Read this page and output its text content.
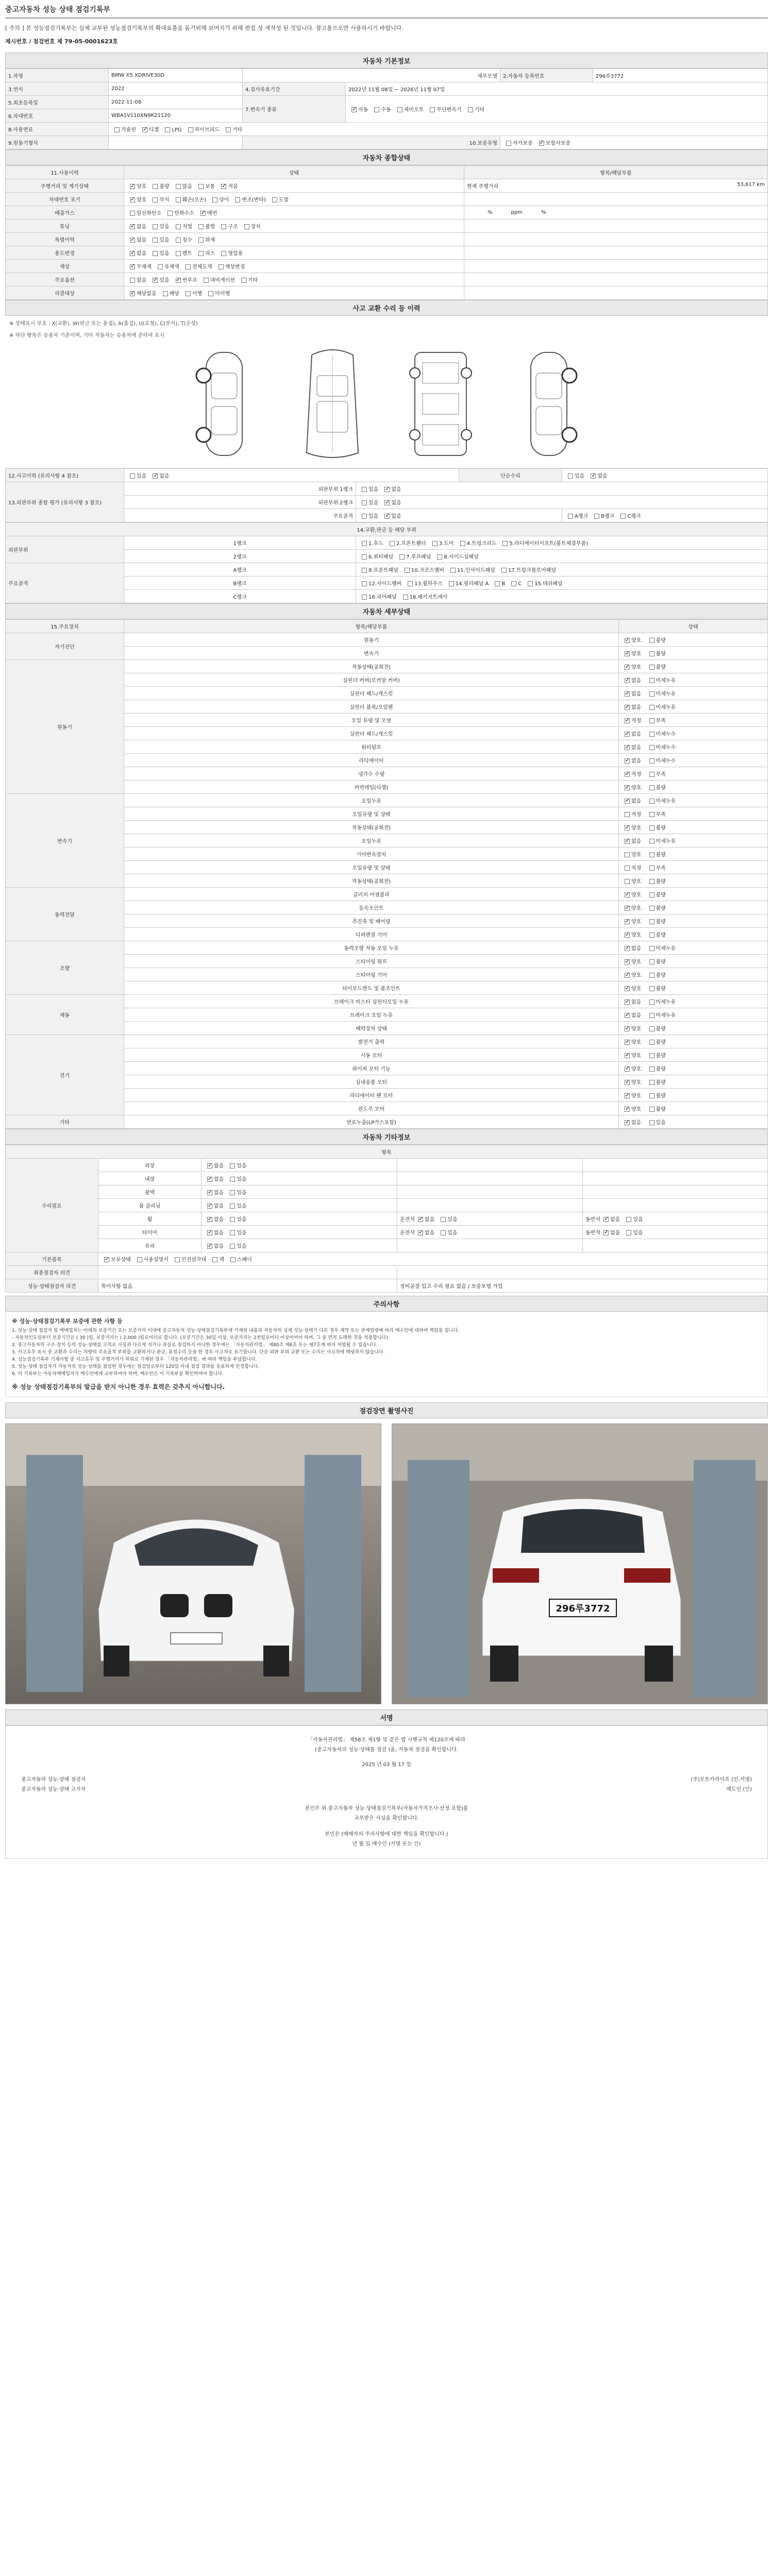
중고자동차 성능 상태 점검기록부
[ 주의 ] 본 성능점검기록부는 실제 교부된 성능점검기록부의 확대표출을 돕기위해 보여지기 위해 편집 상 재작성 된 것입니다. 참고용으로만 사용하시기 바랍니다.
제시번호 / 점검번호 제 79-05-0001623호
자동차 기본정보
1.차명	BMW X5 XDRIVE30D	세부모델		2.자동차 등록번호	296루3772
3.연식	2022	4.검사유효기간	2022년 11월 08일 ~ 2026년 11월 07일		
5.최초등록일	2022-11-08	7.변속기 종류	✓자동 수동 세미오토 무단변속기 기타
6.차대번호	WBA1V110XN9K21120				
8.사용연료	가솔린 ✓ 디젤 LPG 하이브리드 기타
9.원동기형식		10.보증유형		자가보증 ✓ 보험사보증
자동차 종합상태
11.사용이력	상태	항목/해당부품
주행거리 및 계기상태	✓양호 불량 많음 보통 ✓ 적음	현재 주행거리 53,617 km

차대번호 표기	✓양호 부식 훼손(오손) 상이 변조(변타) 도말	
배출가스	일산화탄소 탄화수소 ✓ 매연	% ppm %
튜닝	✓없음 있음 적법 불법 구조 장치	
특별이력	✓없음 있음 침수 화재	
용도변경	✓없음 있음 렌트 리스 영업용	
색상	✓무채색 유채색 전체도색 색상변경	
주요옵션	없음 ✓ 있음 ✓ 썬루프 네비게이션 기타	
리콜대상	✓해당없음 해당 이행 미이행	
사고 교환 수리 등 이력
※ 상태표시 부호 : X(교환), W(판금 또는 용접), A(흠집), U(요철), C(부식), T(손상)
※ 하단 항목은 승용차 기준이며, 기타 자동차는 승용차에 준하여 표시
12.사고이력 (유의사항 4 참조)	있음 ✓ 없음		단순수리	있음 ✓ 없음
13.외판부위 종합 평가 (유의사항 3 참조)	외판부위 1랭크	있음 ✓ 없음
	외판부위 2랭크	있음 ✓ 없음
	주요골격	있음 ✓ 없음		A랭크 B랭크 C랭크
14.교환,판금 등 해당 부위		
외판부위	1랭크	1.후드 2.프론트휀더 3.도어 4.트렁크리드 5.라디에이터서포트(볼트체결부품)
	2랭크	6.쿼터패널 7.루프패널 8.사이드실패널
주요골격	A랭크	9.프론트패널 10.크로스멤버 11.인사이드패널 17.트렁크플로어패널
	B랭크	12.사이드멤버 13.휠하우스 14.필러패널 A B C 15.대쉬패널
	C랭크	16.리어패널 18.패키지트레이
자동차 세부상태
15.주요장치	항목/해당부품	상태
자기진단	원동기	✓양호 불량
	변속기	✓양호 불량
원동기	작동상태(공회전)	✓양호 불량
	실린더 커버(로커암 커버)	✓없음 미세누유
	실린더 헤드/개스킷	✓없음 미세누유
	실린더 블록/오일팬	✓없음 미세누유
	오일 유량 및 오염	✓적정 부족
	실린더 헤드/개스킷	✓없음 미세누수
	워터펌프	✓없음 미세누수
	라디에이터	✓없음 미세누수
	냉각수 수량	✓적정 부족
	커먼레일(디젤)	✓양호 불량
변속기	오일누유	✓없음 미세누유
	오일유량 및 상태	적정 부족
	작동상태(공회전)	✓양호 불량
	오일누유	✓없음 미세누유
	기어변속장치	양호 불량
	오일유량 및 상태	적정 부족
	작동상태(공회전)	양호 불량
동력전달	클러치 어셈블리	✓양호 불량
	등속조인트	✓양호 불량
	추진축 및 베어링	✓양호 불량
	디퍼렌셜 기어	✓양호 불량
조향	동력조향 작동 오일 누유	✓없음 미세누유
	스티어링 펌프	✓양호 불량
	스티어링 기어	✓양호 불량
	타이로드엔드 및 볼조인트	✓양호 불량
제동	브레이크 마스터 실린더오일 누유	✓없음 미세누유
	브레이크 오일 누유	✓없음 미세누유
	배력장치 상태	✓양호 불량
전기	발전기 출력	✓양호 불량
	시동 모터	✓양호 불량
	와이퍼 모터 기능	✓양호 불량
	실내송풍 모터	✓양호 불량
	라디에이터 팬 모터	✓양호 불량
	윈도우 모터	✓양호 불량
기타	연료누출(LP가스포함)	✓없음 있음
자동차 기타정보
항목				
수리필요	외장	✓없음 있음		
	내장	✓없음 있음		
	광택	✓없음 있음		
	룸 클리닝	✓없음 있음		
	휠	✓없음 있음	운전석 ✓ 없음 있음	동반석 ✓ 없음 있음
	타이어	✓없음 있음	운전석 ✓ 없음 있음	동반석 ✓ 없음 있음
	유리	✓없음 있음		
기본품목	✓보유상태 사용설명서 안전삼각대 잭 스패너
최종점검자 의견				
성능·상태점검자 의견	특이사항 없음		정비공장 입고 수리 필요 없음 / 보증보험 가입	
주의사항
※ 성능·상태점검기록부 보증에 관한 사항 등
1. 성능·상태 점검자 및 매매업자는 아래의 보증기간 또는 보증거리 이내에 중고자동차 성능·상태점검기록부에 기재된 내용과 자동차의 실제 성능·상태가 다른 경우 계약 또는 관계법령에 따라 매수인에 대하여 책임을 집니다.
- 자동차인도일부터 보증기간은 ( 30 )일, 보증거리는 ( 2,000 )킬로미터로 합니다. (보증기간은 30일 이상, 보증거리는 2천킬로미터 이상이어야 하며, 그 중 먼저 도래한 것을 적용합니다)
2. 중고자동차의 구조·장치 등의 성능·상태를 고의로 사실과 다르게 적거나 과실로 점검하지 아니한 경우에는 「자동차관리법」 제80조 제6호 또는 제7호에 따라 처벌될 수 있습니다.
3. 사고유무 표시 중 교환과 수리는 차량의 주요골격 부위를 교환하거나 판금, 용접수리 등을 한 경우 사고차로 표기합니다. 단순 외판 부위 교환 또는 수리는 사고차에 해당하지 않습니다.
4. 성능점검기록부 기재사항 중 사고유무 및 주행거리가 허위로 기재된 경우 「자동차관리법」에 따라 책임을 부담합니다.
5. 성능·상태 점검자가 자동차의 성능·상태를 점검한 경우에는 점검일로부터 120일 이내 점검 결과를 유효하게 인정합니다.
6. 이 기록부는 자동차매매업자가 매수인에게 교부하여야 하며, 매수인은 이 기록부를 확인하여야 합니다.
※ 성능 상태점검기록부의 발급을 받지 아니한 경우 효력은 갖추지 아니합니다.
점검장면 촬영사진
296루3772
서명
「자동차관리법」 제58조 제1항 및 같은 법 시행규칙 제120조에 따라
(중고자동차의 성능·상태를 점검 )을, 자동차 점검을 확인합니다.
2025 년 03 월 17 일
중고자동차 성능·상태 점검자	(주)모토카라이프 (인,서명)
중고자동차 성능·상태 고지자	매도인 (인)
본인은 위 중고자동차 성능·상태점검기록부(자동차가격조사·산정 포함)를
교부받은 사실을 확인합니다.
본인은 (매매자의 주의사항에 대한 책임을 확인합니다.)
년 월 일 매수인 (서명 또는 인)
